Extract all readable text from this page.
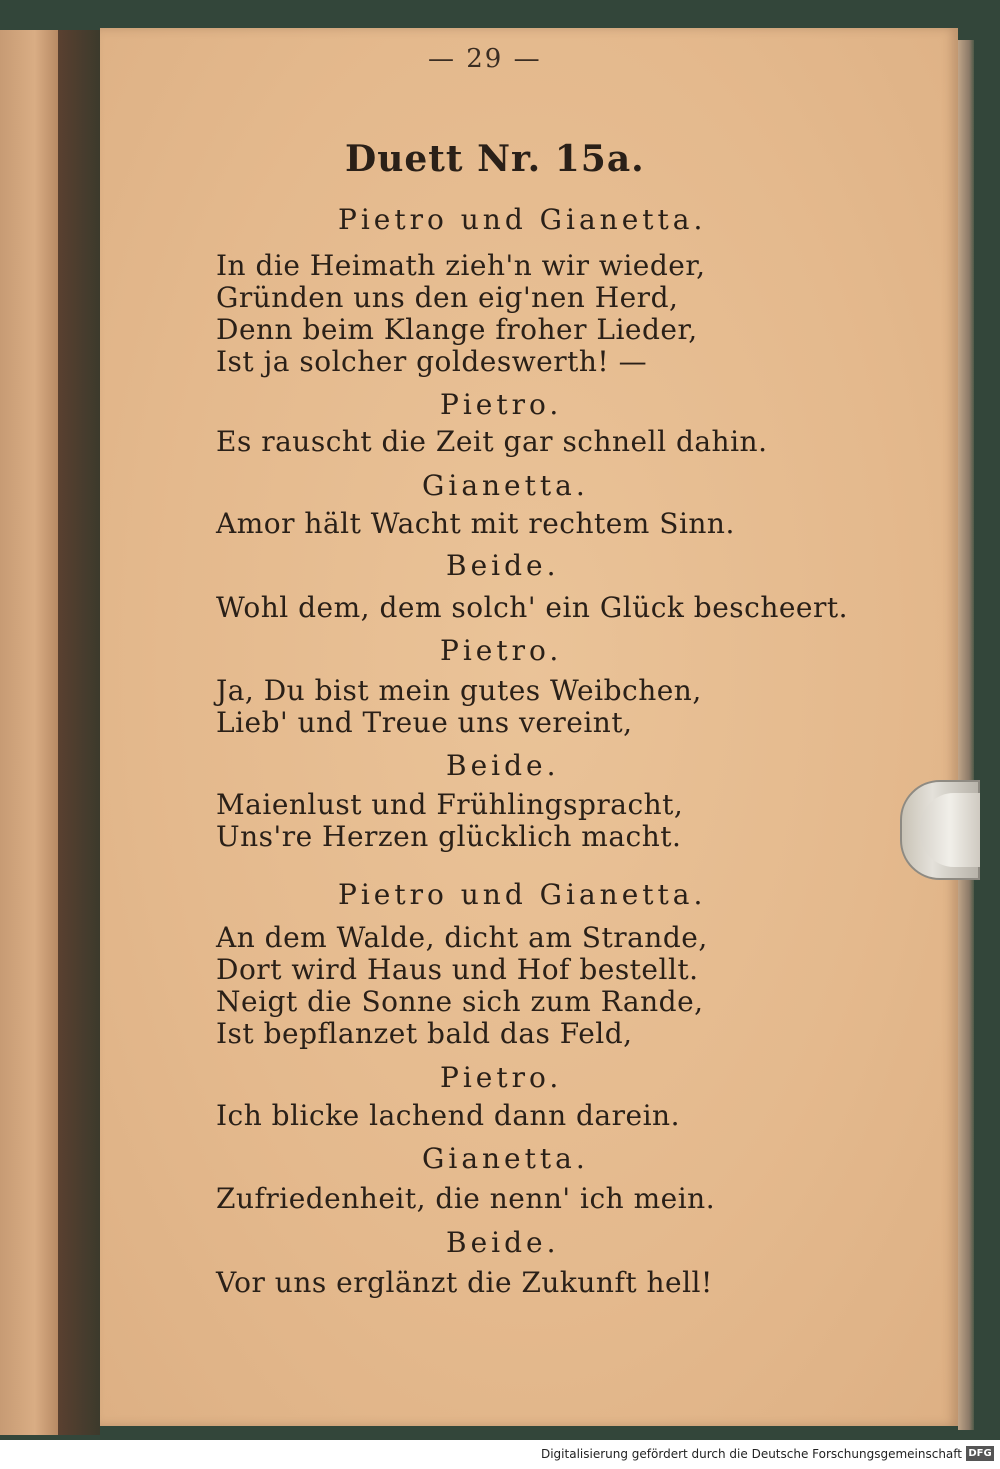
— 29 —
Duett Nr. 15a.
Pietro und Gianetta.
In die Heimath zieh'n wir wieder,
Gründen uns den eig'nen Herd,
Denn beim Klange froher Lieder,
Ist ja solcher goldeswerth! —
Pietro.
Es rauscht die Zeit gar schnell dahin.
Gianetta.
Amor hält Wacht mit rechtem Sinn.
Beide.
Wohl dem, dem solch' ein Glück bescheert.
Pietro.
Ja, Du bist mein gutes Weibchen,
Lieb' und Treue uns vereint,
Beide.
Maienlust und Frühlingspracht,
Uns're Herzen glücklich macht.
Pietro und Gianetta.
An dem Walde, dicht am Strande,
Dort wird Haus und Hof bestellt.
Neigt die Sonne sich zum Rande,
Ist bepflanzet bald das Feld,
Pietro.
Ich blicke lachend dann darein.
Gianetta.
Zufriedenheit, die nenn' ich mein.
Beide.
Vor uns erglänzt die Zukunft hell!
Digitalisierung gefördert durch die Deutsche Forschungsgemeinschaft DFG
